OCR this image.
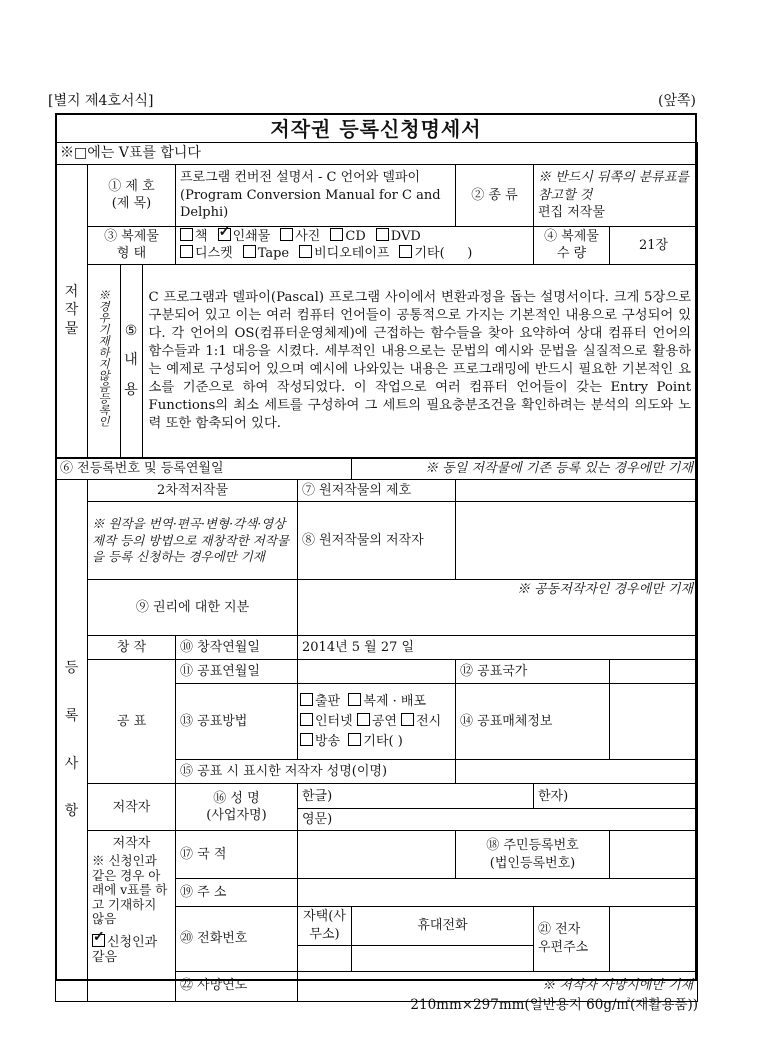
[별지 제4호서식]	(앞쪽)
저작권 등록신청명세서
※□에는 V표를 합니다

저
작
물
	① 제 호
(제 목)	프로그램 컨버전 설명서 - C 언어와 델파이 (Program Conversion Manual for C and Delphi)	② 종 류	
※ 반드시 뒤쪽의 분류표를 참고할 것
편집 저작물

③ 복제물
형 태	
책✓ 인쇄물 사진 CD DVD
디스켓 Tape 비디오테이프 기타(    )
	④ 복제물
수 량	21장

※경우기재하지않음등록인	⑤
내
용
	C 프로그램과 델파이(Pascal) 프로그램 사이에서 변환과정을 돕는 설명서이다. 크게 5장으로 구분되어 있고 이는 여러 컴퓨터 언어들이 공통적으로 가지는 기본적인 내용으로 구성되어 있다. 각 언어의 OS(컴퓨터운영체제)에 근접하는 함수들을 찾아 요약하여 상대 컴퓨터 언어의 함수들과 1:1 대응을 시켰다. 세부적인 내용으로는 문법의 예시와 문법을 실질적으로 활용하는 예제로 구성되어 있으며 예시에 나와있는 내용은 프로그래밍에 반드시 필요한 기본적인 요소를 기준으로 하여 작성되었다. 이 작업으로 여러 컴퓨터 언어들이 갖는 Entry Point Functions의 최소 세트를 구성하여 그 세트의 필요충분조건을 확인하려는 분석의 의도와 노력 또한 함축되어 있다.

⑥ 전등록번호 및 등록연월일	※ 동일 저작물에 기존 등록 있는 경우에만 기재

등
록
사
항
	2차적저작물	⑦ 원저작물의 제호	
※ 원작을 번역·편곡·변형·각색·영상제작 등의 방법으로 재창작한 저작물을 등록 신청하는 경우에만 기재	⑧ 원저작물의 저작자	
⑨ 권리에 대한 지분	※ 공동저작자인 경우에만 기재
창 작	⑩ 창작연월일	2014년 5 월 27 일
공 표	⑪ 공표연월일		⑫ 공표국가	
⑬ 공표방법	
출판 복제 · 배포
인터넷 공연 전시
방송 기타( )
	⑭ 공표매체정보	

⑮ 공표 시 표시한 저작자 성명(이명)	
저작자	⑯ 성 명
(사업자명)	한글)	한자)
영문)

저작자
※ 신청인과 같은 경우 아래에 v표를 하고 기재하지 않음
✓신청인과 같음
	⑰ 국 적		⑱ 주민등록번호
(법인등록번호)	
⑲ 주 소	
⑳ 전화번호	자택(사무소)	휴대전화	㉑ 전자
우편주소	

㉒ 사망연도	※ 저작자 사망시에만 기재
210mm×297mm(일반용지 60g/㎡(재활용품))
